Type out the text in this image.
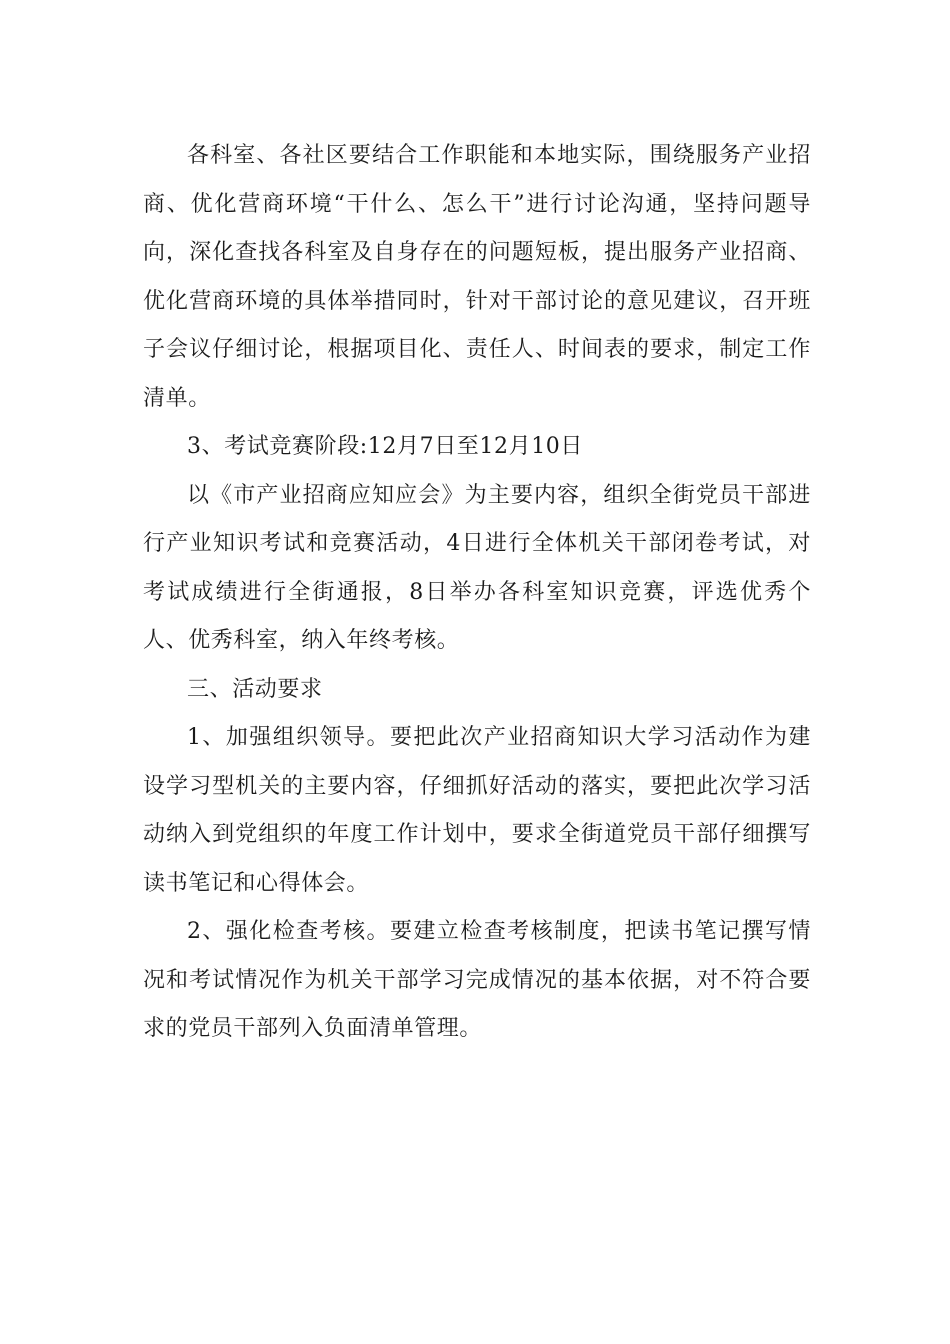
各科室、各社区要结合工作职能和本地实际，围绕服务产业招商、优化营商环境“干什么、怎么干”进行讨论沟通，坚持问题导向，深化查找各科室及自身存在的问题短板，提出服务产业招商、优化营商环境的具体举措同时，针对干部讨论的意见建议，召开班子会议仔细讨论，根据项目化、责任人、时间表的要求，制定工作清单。

3、考试竞赛阶段:12月7日至12月10日

以《市产业招商应知应会》为主要内容，组织全街党员干部进行产业知识考试和竞赛活动，4日进行全体机关干部闭卷考试，对考试成绩进行全街通报，8日举办各科室知识竞赛，评选优秀个人、优秀科室，纳入年终考核。

三、活动要求

1、加强组织领导。要把此次产业招商知识大学习活动作为建设学习型机关的主要内容，仔细抓好活动的落实，要把此次学习活动纳入到党组织的年度工作计划中，要求全街道党员干部仔细撰写读书笔记和心得体会。

2、强化检查考核。要建立检查考核制度，把读书笔记撰写情况和考试情况作为机关干部学习完成情况的基本依据，对不符合要求的党员干部列入负面清单管理。
